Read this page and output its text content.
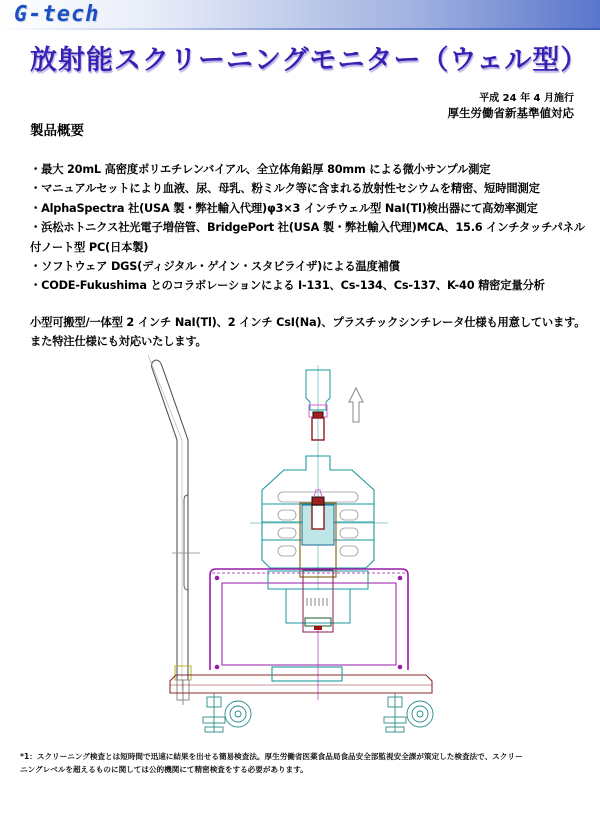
G-tech
放射能スクリーニングモニター（ウェル型）
平成 24 年 4 月施行
厚生労働省新基準値対応
製品概要
・最大 20mL 高密度ポリエチレンバイアル、全立体角鉛厚 80mm による微小サンプル測定
・マニュアルセットにより血液、尿、母乳、粉ミルク等に含まれる放射性セシウムを精密、短時間測定
・AlphaSpectra 社(USA 製・弊社輸入代理)φ3×3 インチウェル型 NaI(Tl)検出器にて高効率測定
・浜松ホトニクス社光電子増倍管、BridgePort 社(USA 製・弊社輸入代理)MCA、15.6 インチタッチパネル
付ノート型 PC(日本製)
・ソフトウェア DGS(ディジタル・ゲイン・スタビライザ)による温度補償
・CODE-Fukushima とのコラボレーションによる I-131、Cs-134、Cs-137、K-40 精密定量分析
小型可搬型/一体型 2 インチ NaI(Tl)、2 インチ CsI(Na)、プラスチックシンチレータ仕様も用意しています。
また特注仕様にも対応いたします。
*1：スクリーニング検査とは短時間で迅速に結果を出せる簡易検査法。厚生労働省医薬食品局食品安全部監視安全課が策定した検査法で、スクリー
ニングレベルを超えるものに関しては公的機関にて精密検査をする必要があります。
